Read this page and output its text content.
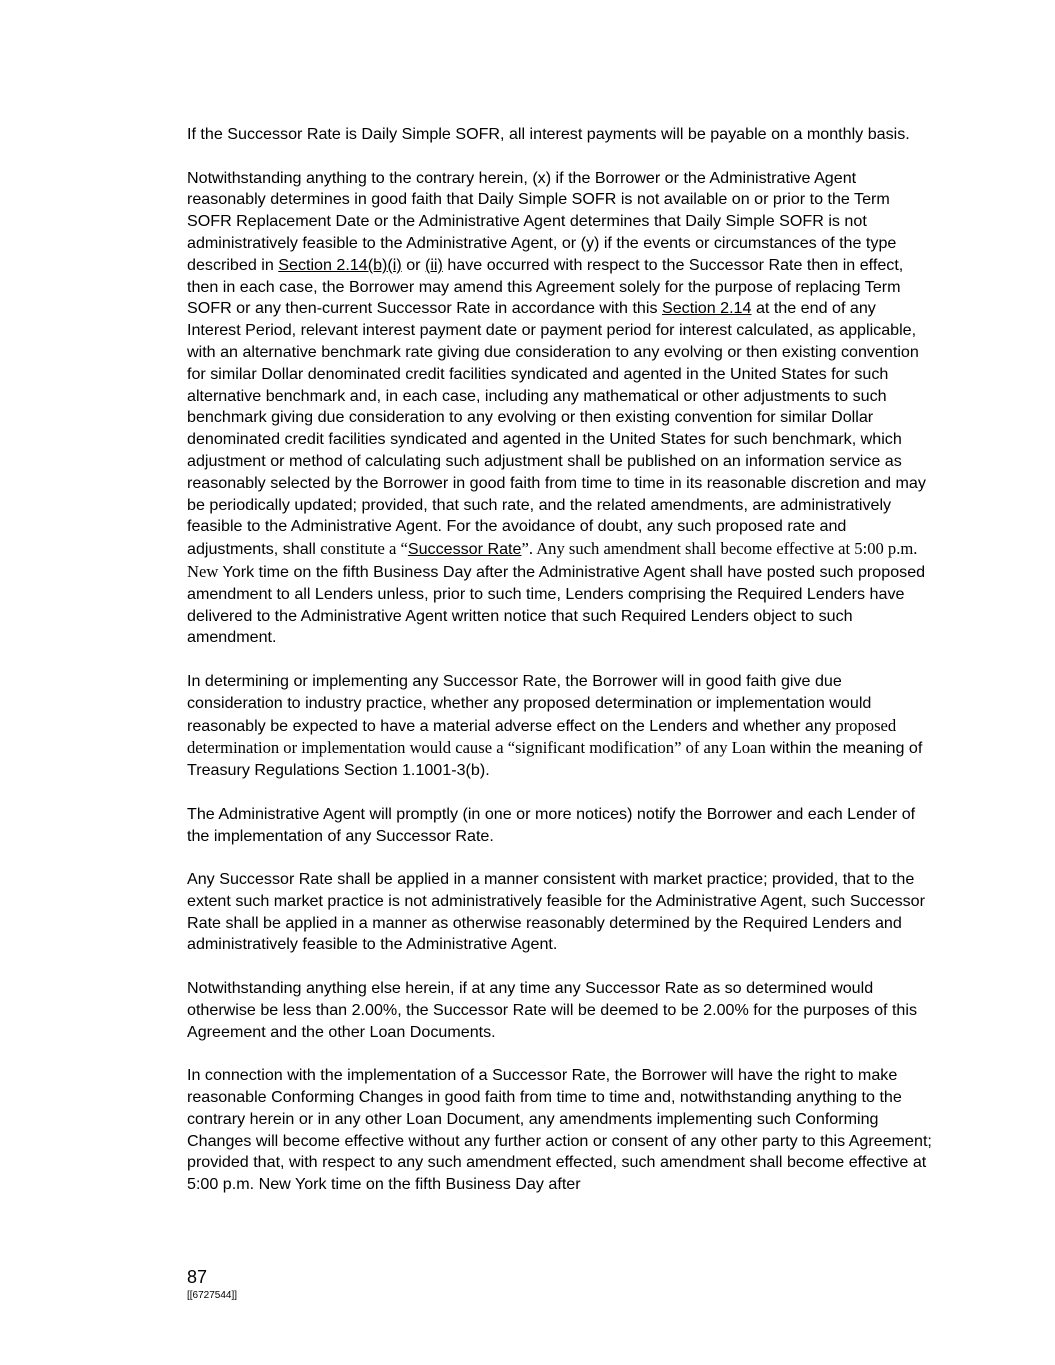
If the Successor Rate is Daily Simple SOFR, all interest payments will be payable on a monthly basis.

Notwithstanding anything to the contrary herein, (x) if the Borrower or the Administrative Agent reasonably determines in good faith that Daily Simple SOFR is not available on or prior to the Term SOFR Replacement Date or the Administrative Agent determines that Daily Simple SOFR is not administratively feasible to the Administrative Agent, or (y) if the events or circumstances of the type described in Section 2.14(b)(i) or (ii) have occurred with respect to the Successor Rate then in effect, then in each case, the Borrower may amend this Agreement solely for the purpose of replacing Term SOFR or any then-current Successor Rate in accordance with this Section 2.14 at the end of any Interest Period, relevant interest payment date or payment period for interest calculated, as applicable, with an alternative benchmark rate giving due consideration to any evolving or then existing convention for similar Dollar denominated credit facilities syndicated and agented in the United States for such alternative benchmark and, in each case, including any mathematical or other adjustments to such benchmark giving due consideration to any evolving or then existing convention for similar Dollar denominated credit facilities syndicated and agented in the United States for such benchmark, which adjustment or method of calculating such adjustment shall be published on an information service as reasonably selected by the Borrower in good faith from time to time in its reasonable discretion and may be periodically updated; provided, that such rate, and the related amendments, are administratively feasible to the Administrative Agent. For the avoidance of doubt, any such proposed rate and adjustments, shall constitute a “Successor Rate”. Any such amendment shall become effective at 5:00 p.m. New York time on the fifth Business Day after the Administrative Agent shall have posted such proposed amendment to all Lenders unless, prior to such time, Lenders comprising the Required Lenders have delivered to the Administrative Agent written notice that such Required Lenders object to such amendment.

In determining or implementing any Successor Rate, the Borrower will in good faith give due consideration to industry practice, whether any proposed determination or implementation would reasonably be expected to have a material adverse effect on the Lenders and whether any proposed determination or implementation would cause a “significant modification” of any Loan within the meaning of Treasury Regulations Section 1.1001-3(b).

The Administrative Agent will promptly (in one or more notices) notify the Borrower and each Lender of the implementation of any Successor Rate.

Any Successor Rate shall be applied in a manner consistent with market practice; provided, that to the extent such market practice is not administratively feasible for the Administrative Agent, such Successor Rate shall be applied in a manner as otherwise reasonably determined by the Required Lenders and administratively feasible to the Administrative Agent.

Notwithstanding anything else herein, if at any time any Successor Rate as so determined would otherwise be less than 2.00%, the Successor Rate will be deemed to be 2.00% for the purposes of this Agreement and the other Loan Documents.

In connection with the implementation of a Successor Rate, the Borrower will have the right to make reasonable Conforming Changes in good faith from time to time and, notwithstanding anything to the contrary herein or in any other Loan Document, any amendments implementing such Conforming Changes will become effective without any further action or consent of any other party to this Agreement; provided that, with respect to any such amendment effected, such amendment shall become effective at 5:00 p.m. New York time on the fifth Business Day after

87
[[6727544]]
